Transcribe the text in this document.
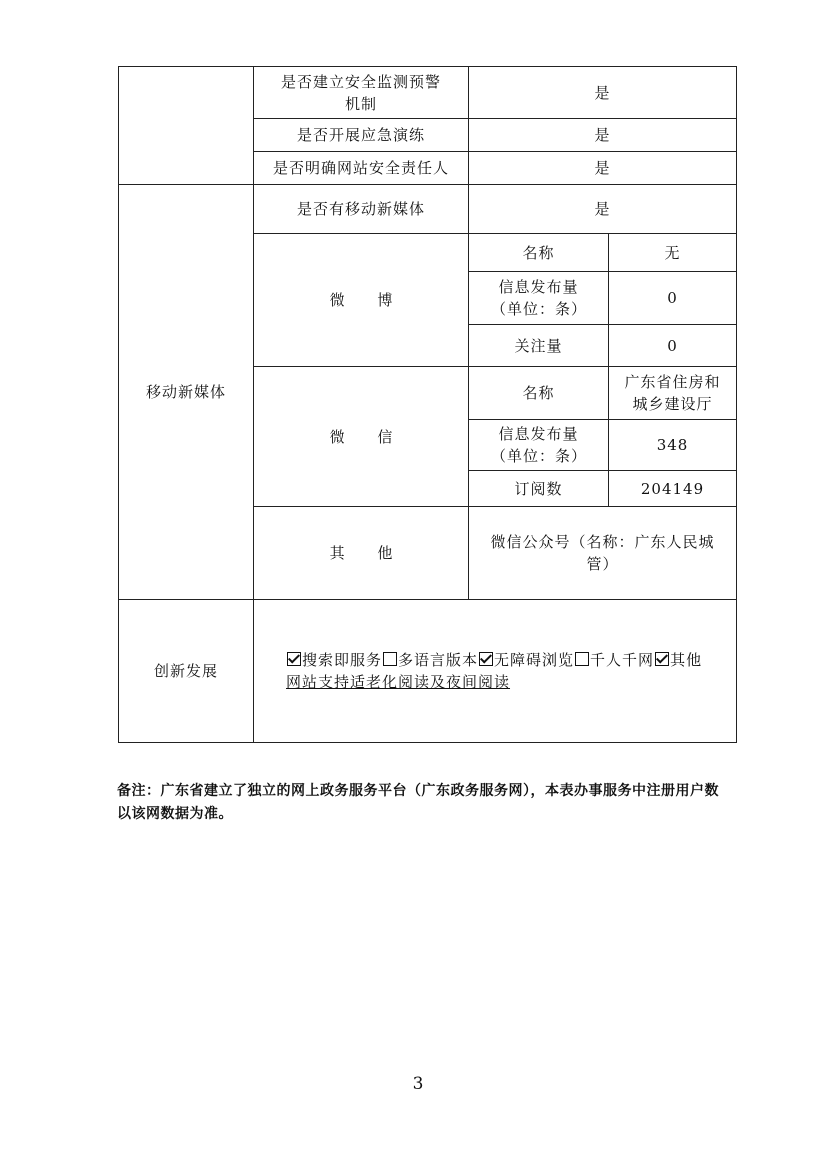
	是否建立安全监测预警机制	是	
	是否开展应急演练	是	
	是否明确网站安全责任人	是	
移动新媒体	是否有移动新媒体	是	
	微 博	名称	无
		信息发布量（单位：条）	0
		关注量	0
	微 信	名称	广东省住房和城乡建设厅
		信息发布量（单位：条）	348
		订阅数	204149
	其 他	微信公众号（名称：广东人民城管）	
创新发展	搜索即服务 多语言版本 无障碍浏览 千人千网 其他
网站支持适老化阅读及夜间阅读		
备注：广东省建立了独立的网上政务服务平台（广东政务服务网），本表办事服务中注册用户数以该网数据为准。
3
